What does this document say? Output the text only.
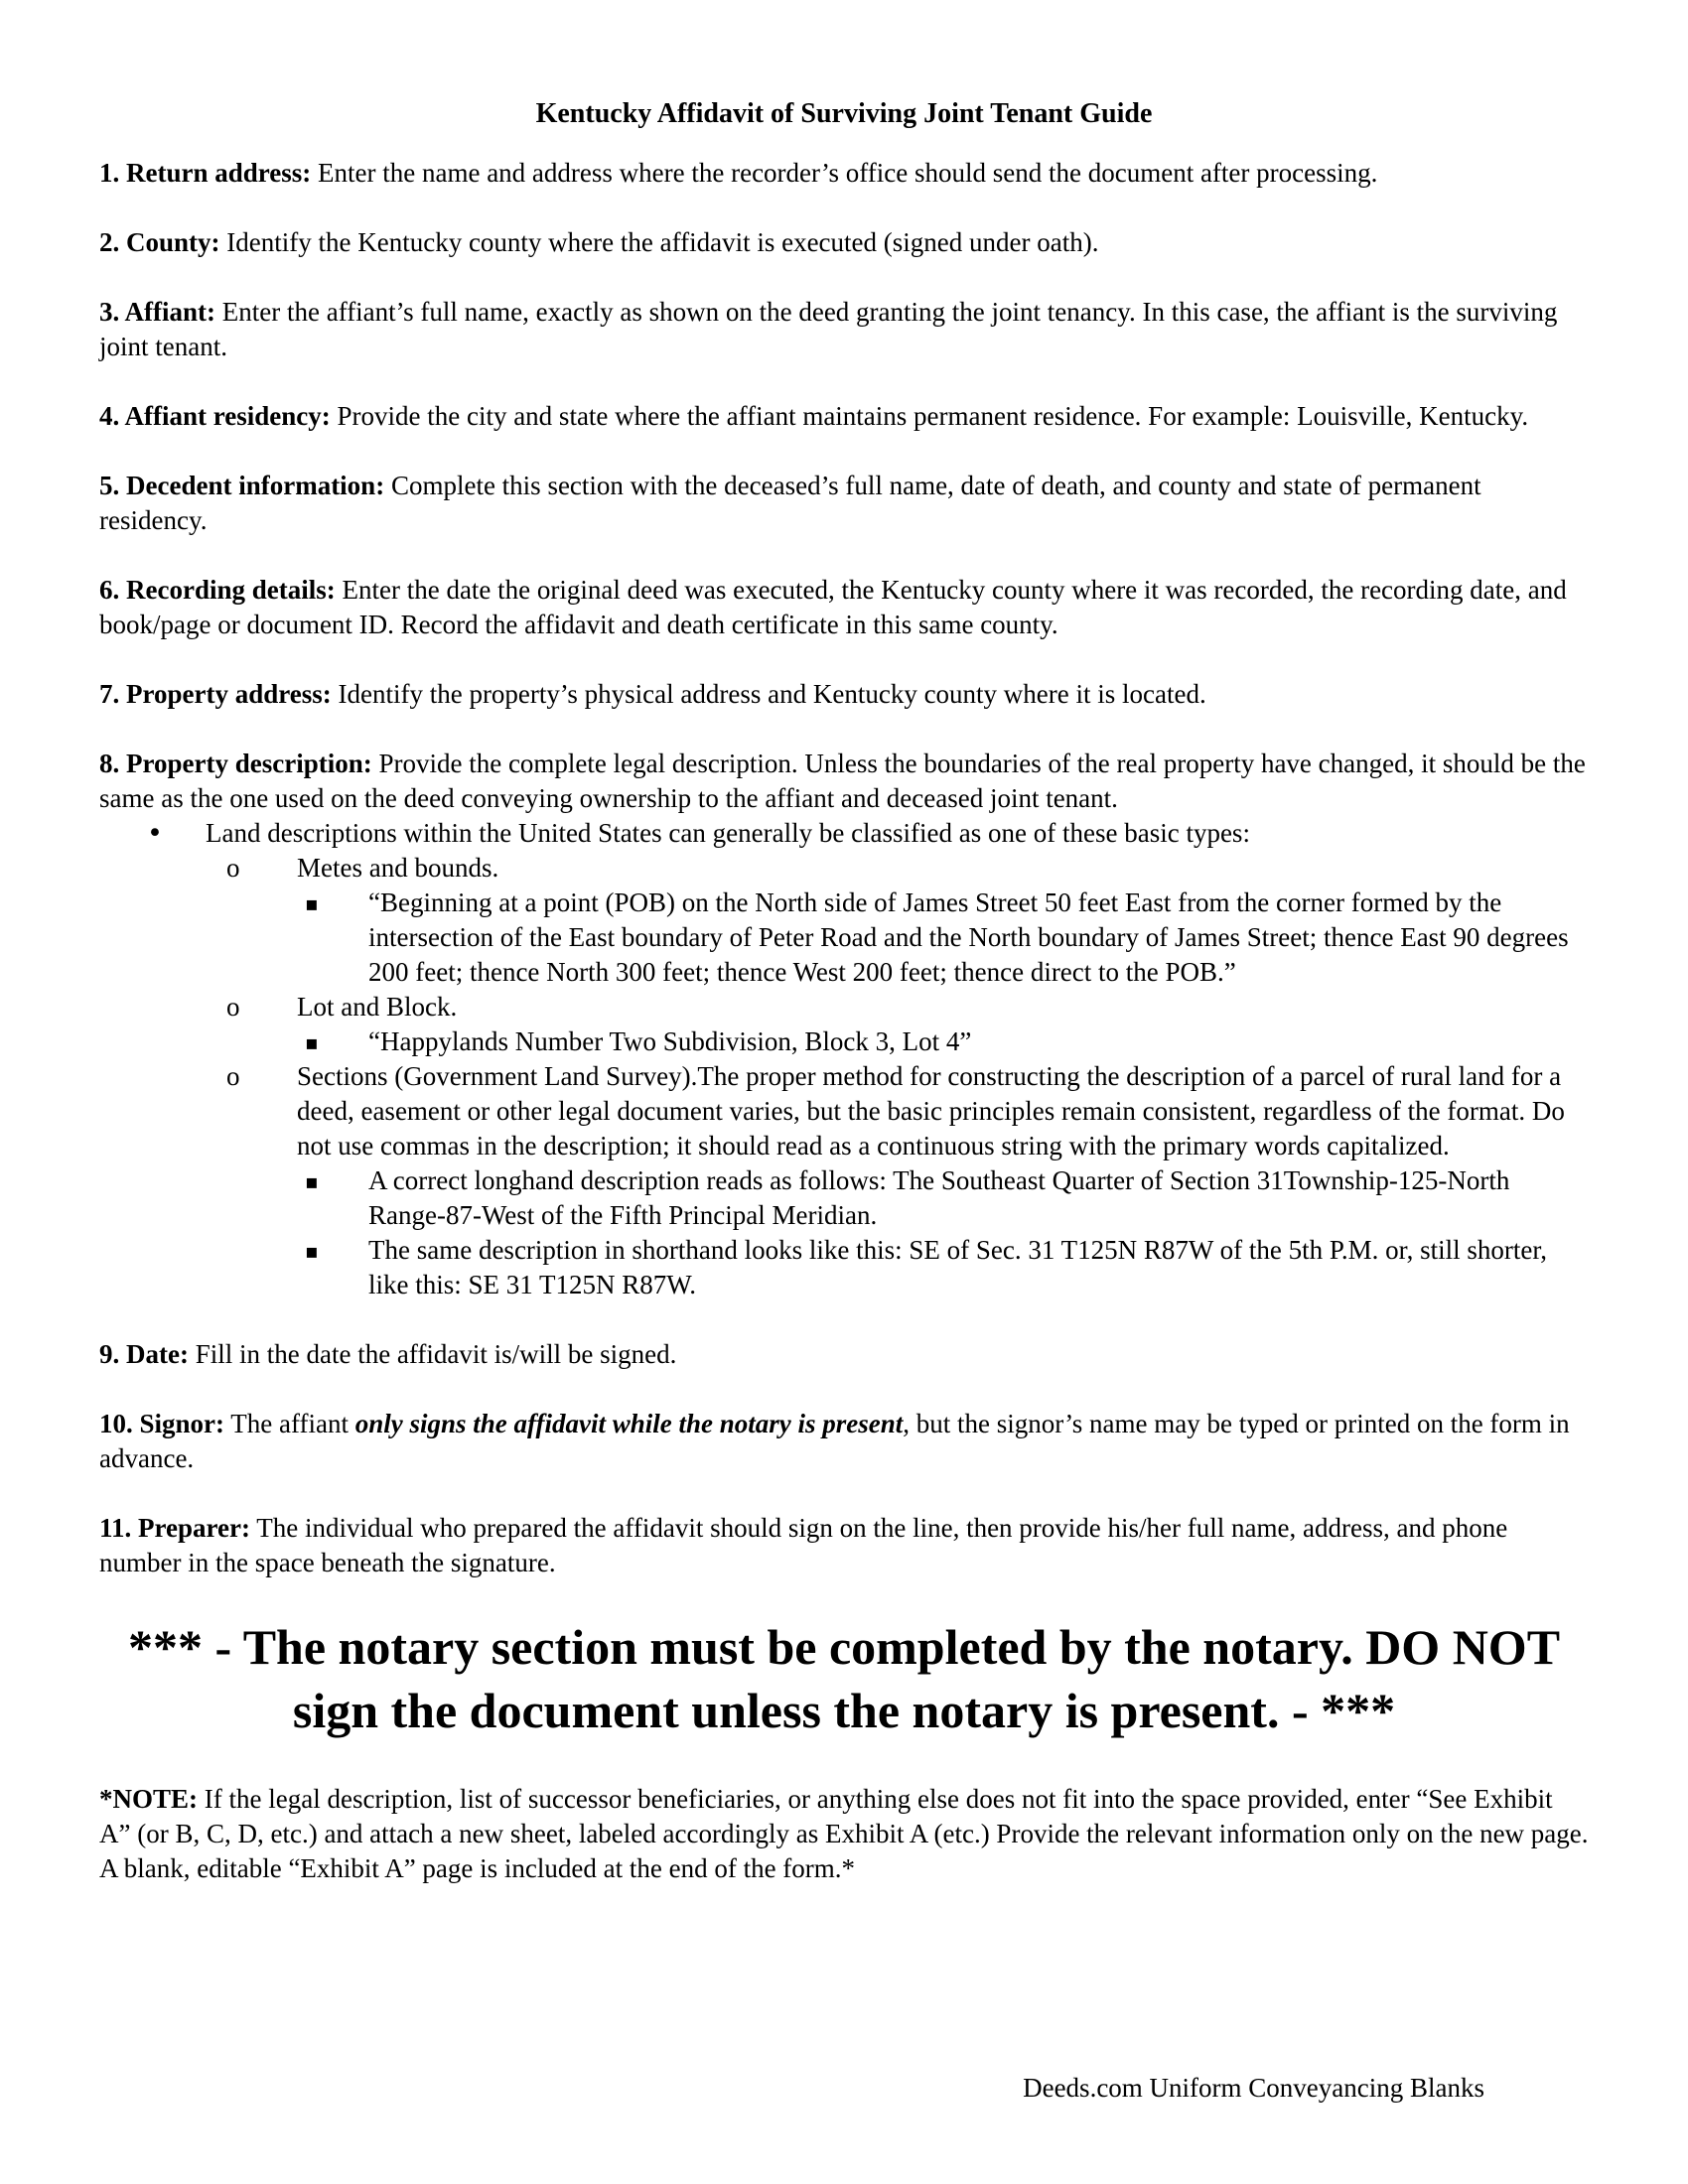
Kentucky Affidavit of Surviving Joint Tenant Guide

1. Return address: Enter the name and address where the recorder’s office should send the document after processing.

2. County: Identify the Kentucky county where the affidavit is executed (signed under oath).

3. Affiant: Enter the affiant’s full name, exactly as shown on the deed granting the joint tenancy. In this case, the affiant is the surviving joint tenant.

4. Affiant residency: Provide the city and state where the affiant maintains permanent residence. For example: Louisville, Kentucky.

5. Decedent information: Complete this section with the deceased’s full name, date of death, and county and state of permanent residency.

6. Recording details: Enter the date the original deed was executed, the Kentucky county where it was recorded, the recording date, and book/page or document ID. Record the affidavit and death certificate in this same county.

7. Property address: Identify the property’s physical address and Kentucky county where it is located.

8. Property description: Provide the complete legal description. Unless the boundaries of the real property have changed, it should be the same as the one used on the deed conveying ownership to the affiant and deceased joint tenant.

•	Land descriptions within the United States can generally be classified as one of these basic types:
o	Metes and bounds.
▪	“Beginning at a point (POB) on the North side of James Street 50 feet East from the corner formed by the intersection of the East boundary of Peter Road and the North boundary of James Street; thence East 90 degrees 200 feet; thence North 300 feet; thence West 200 feet; thence direct to the POB.”
o	Lot and Block.
▪	“Happylands Number Two Subdivision, Block 3, Lot 4”
o	Sections (Government Land Survey).The proper method for constructing the description of a parcel of rural land for a deed, easement or other legal document varies, but the basic principles remain consistent, regardless of the format. Do not use commas in the description; it should read as a continuous string with the primary words capitalized.
▪	A correct longhand description reads as follows: The Southeast Quarter of Section 31Township-125-North Range-87-West of the Fifth Principal Meridian.
▪	The same description in shorthand looks like this: SE of Sec. 31 T125N R87W of the 5th P.M. or, still shorter, like this: SE 31 T125N R87W.

9. Date: Fill in the date the affidavit is/will be signed.

10. Signor: The affiant only signs the affidavit while the notary is present, but the signor’s name may be typed or printed on the form in advance.

11. Preparer: The individual who prepared the affidavit should sign on the line, then provide his/her full name, address, and phone number in the space beneath the signature.

*** - The notary section must be completed by the notary. DO NOT sign the document unless the notary is present. - ***

*NOTE: If the legal description, list of successor beneficiaries, or anything else does not fit into the space provided, enter “See Exhibit A” (or B, C, D, etc.) and attach a new sheet, labeled accordingly as Exhibit A (etc.) Provide the relevant information only on the new page. A blank, editable “Exhibit A” page is included at the end of the form.*

Deeds.com Uniform Conveyancing Blanks
